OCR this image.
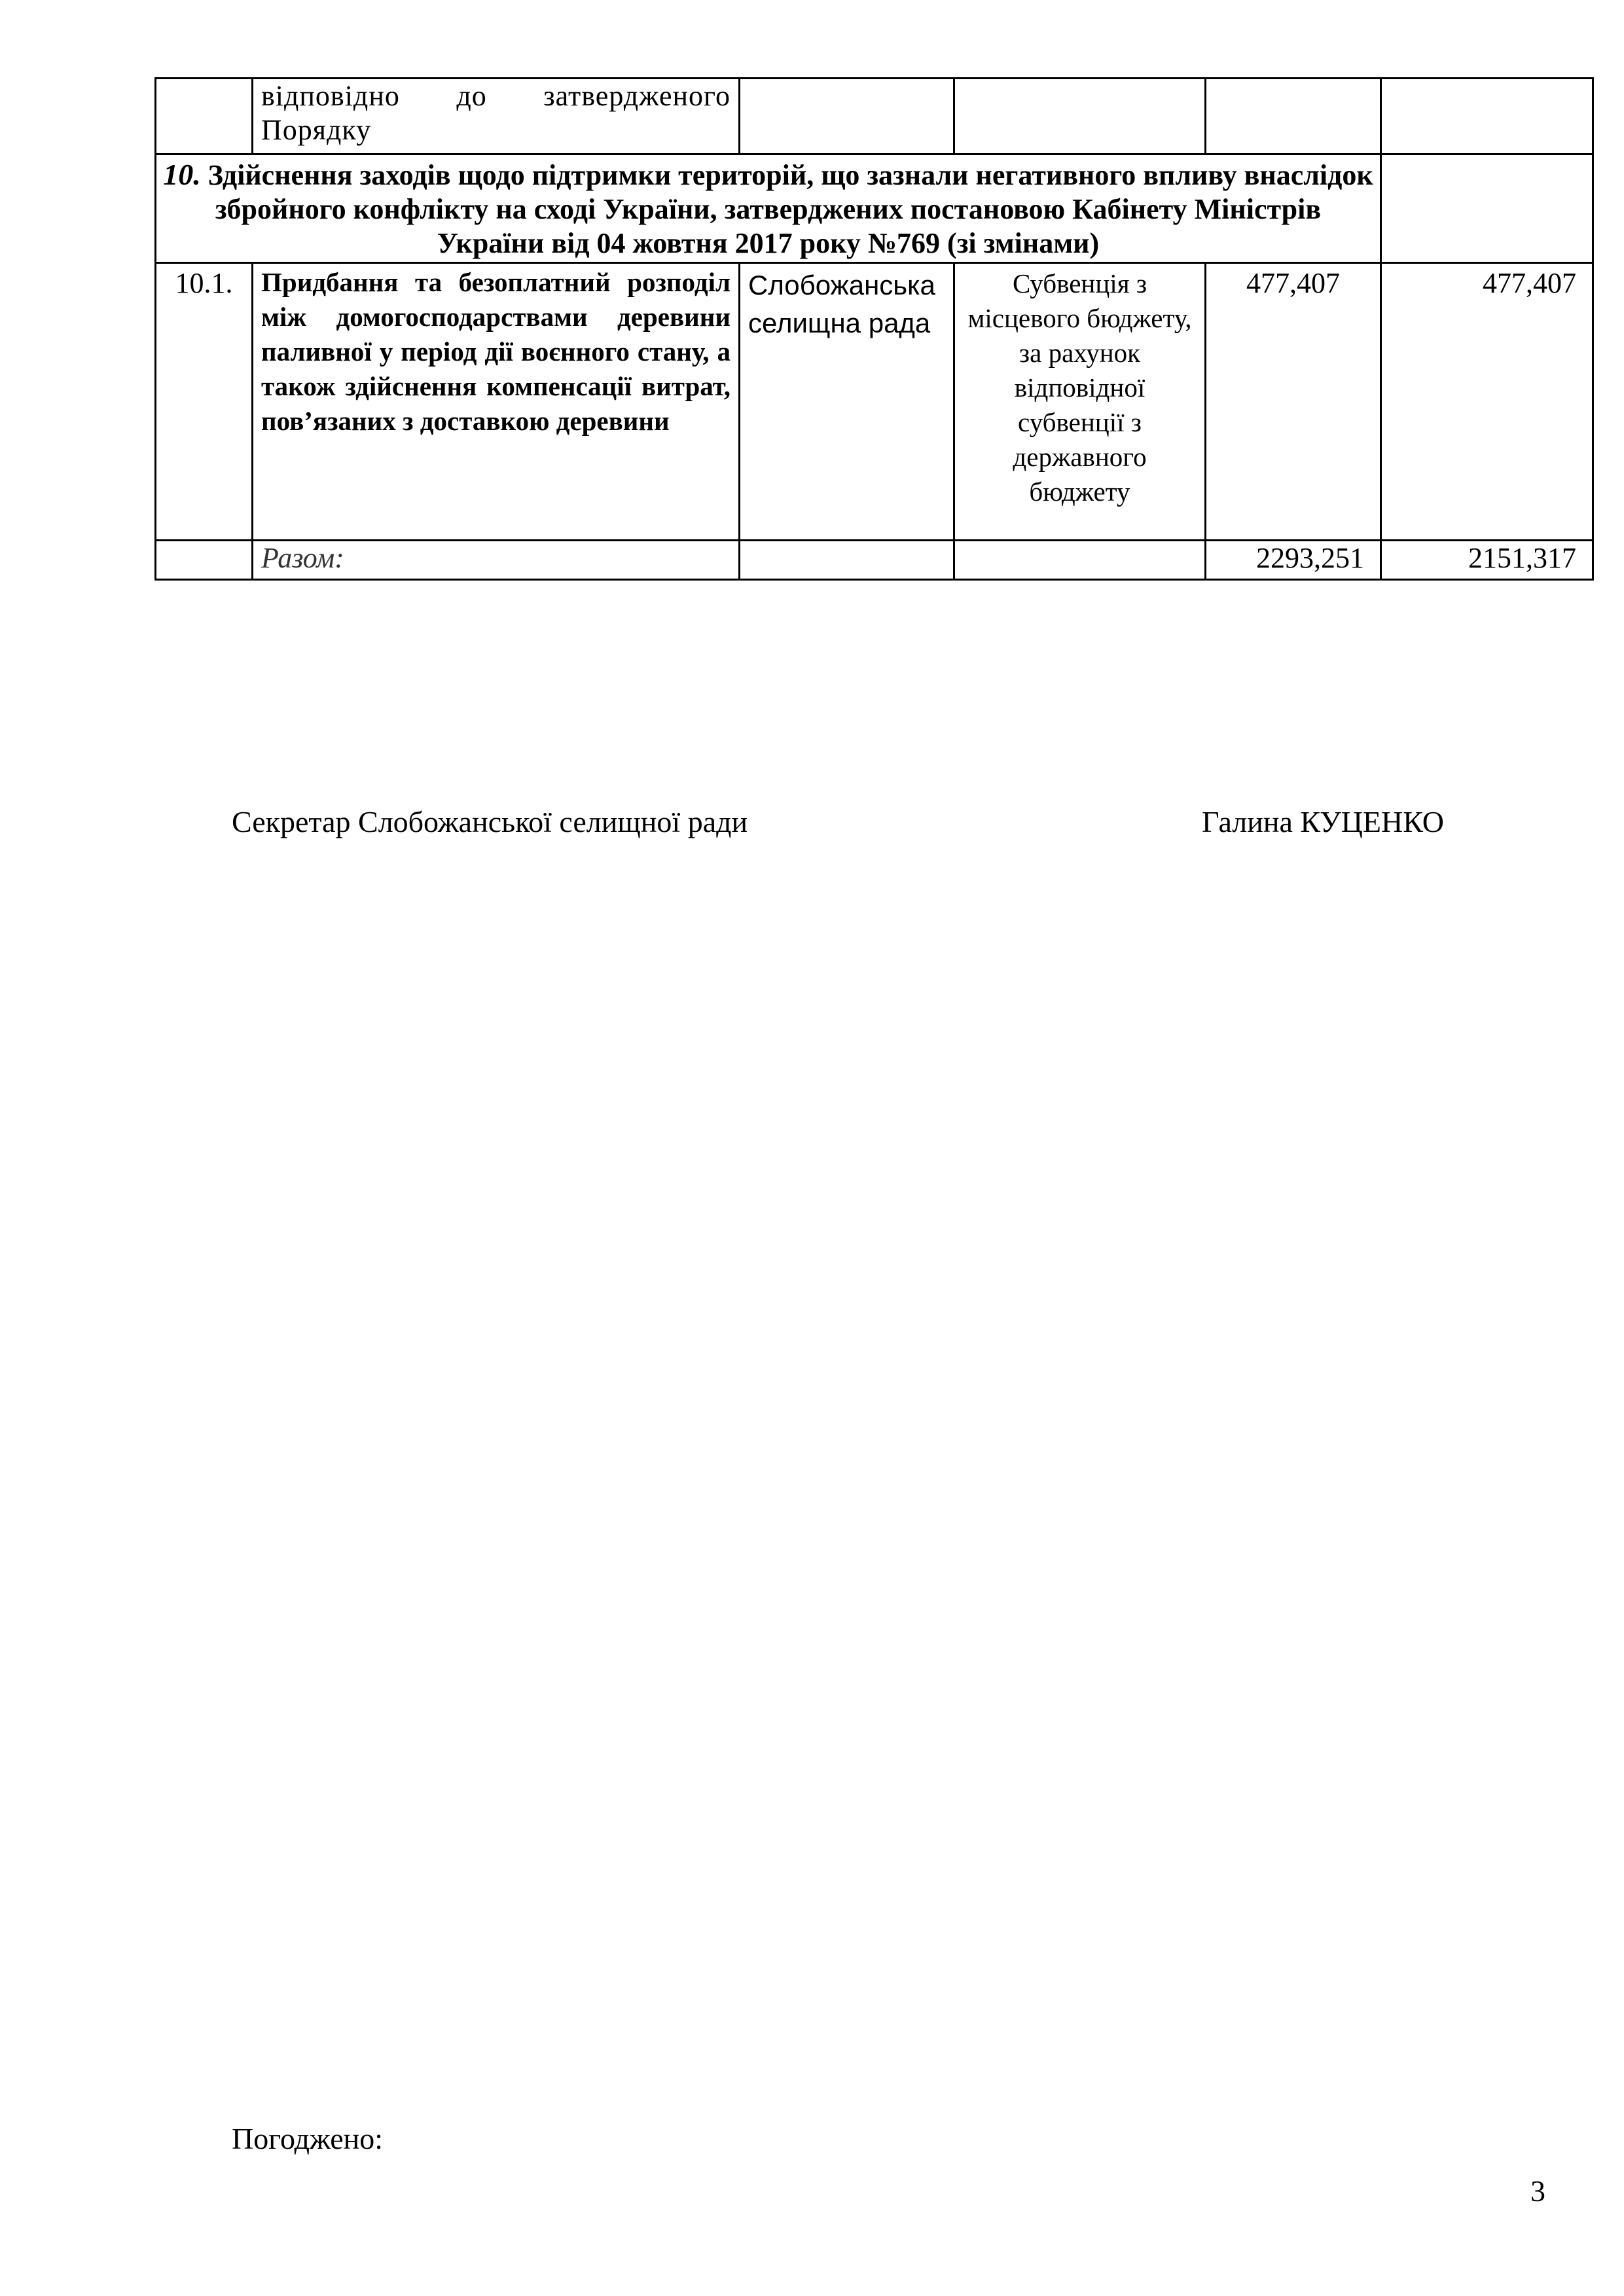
	відповідно до затвердженого Порядку				
10. Здійснення заходів щодо підтримки територій, що зазнали негативного впливу внаслідок збройного конфлікту на сході України, затверджених постановою Кабінету Міністрів України від 04 жовтня 2017 року №769 (зі змінами)					
10.1.	Придбання та безоплатний розподіл між домогосподарствами деревини паливної у період дії воєнного стану, а також здійснення компенсації витрат, пов’язаних з доставкою деревини	Слобожанська селищна рада	Субвенція з місцевого бюджету, за рахунок відповідної субвенції з державного бюджету	477,407	477,407
	Разом:			2293,251	2151,317
Секретар Слобожанської селищної ради	Галина КУЦЕНКО
Погоджено:
3
